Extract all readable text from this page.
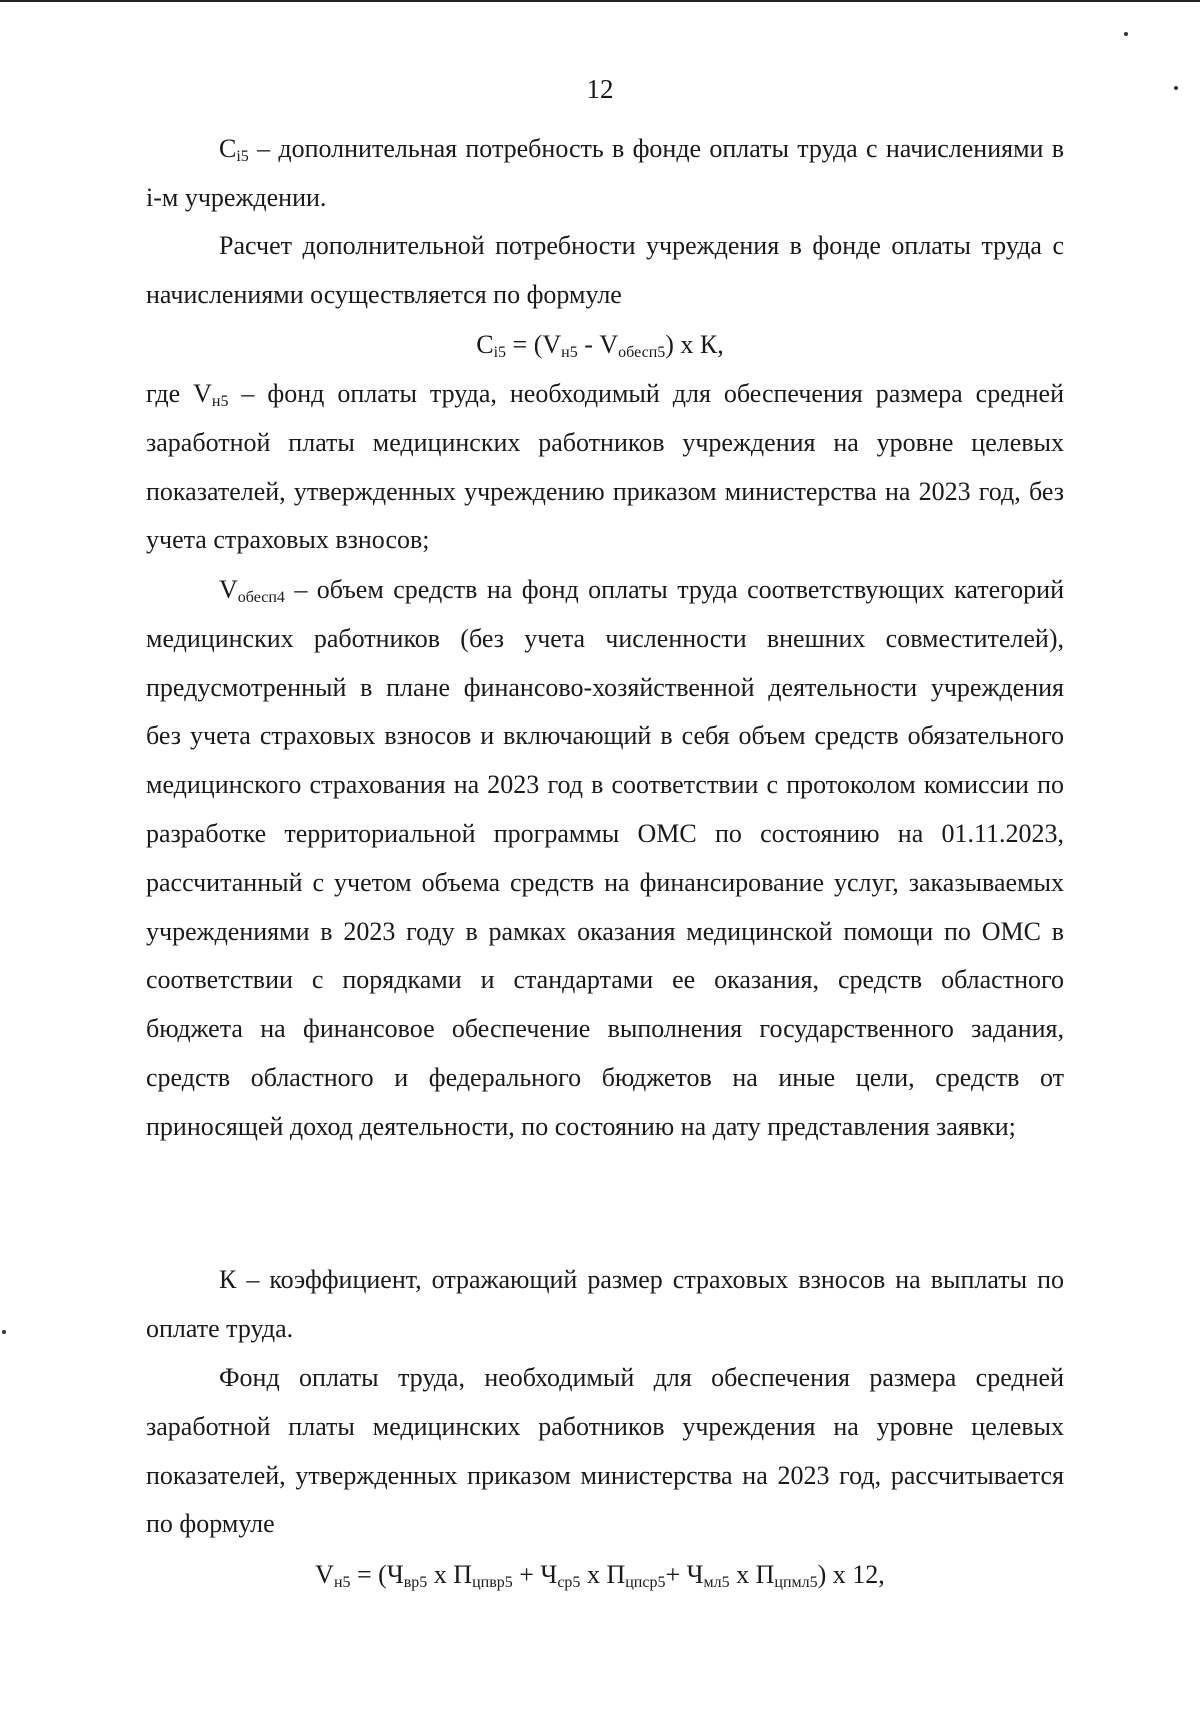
12
$C_{i5}$ – дополнительная потребность в фонде оплаты труда с начислениями в i-м учреждении.
Расчет дополнительной потребности учреждения в фонде оплаты труда с начислениями осуществляется по формуле
$C_{i5} = (V_{н5} - V_{обесп5})$ х К,
где $V_{н5}$ – фонд оплаты труда, необходимый для обеспечения размера средней заработной платы медицинских работников учреждения на уровне целевых показателей, утвержденных учреждению приказом министерства на 2023 год, без учета страховых взносов;
$V_{обесп4}$ – объем средств на фонд оплаты труда соответствующих категорий медицинских работников (без учета численности внешних совместителей), предусмотренный в плане финансово-хозяйственной деятельности учреждения без учета страховых взносов и включающий в себя объем средств обязательного медицинского страхования на 2023 год в соответствии с протоколом комиссии по разработке территориальной программы ОМС по состоянию на 01.11.2023, рассчитанный с учетом объема средств на финансирование услуг, заказываемых учреждениями в 2023 году в рамках оказания медицинской помощи по ОМС в соответствии с порядками и стандартами ее оказания, средств областного бюджета на финансовое обеспечение выполнения государственного задания, средств областного и федерального бюджетов на иные цели, средств от приносящей доход деятельности, по состоянию на дату представления заявки;
К – коэффициент, отражающий размер страховых взносов на выплаты по оплате труда.
Фонд оплаты труда, необходимый для обеспечения размера средней заработной платы медицинских работников учреждения на уровне целевых показателей, утвержденных приказом министерства на 2023 год, рассчитывается по формуле
$V_{н5} = (Ч_{вр5}$ х $П_{цпвр5} + Ч_{ср5}$ х $П_{цпср5}+ Ч_{мл5}$ х $П_{цпмл5}$) х 12,
